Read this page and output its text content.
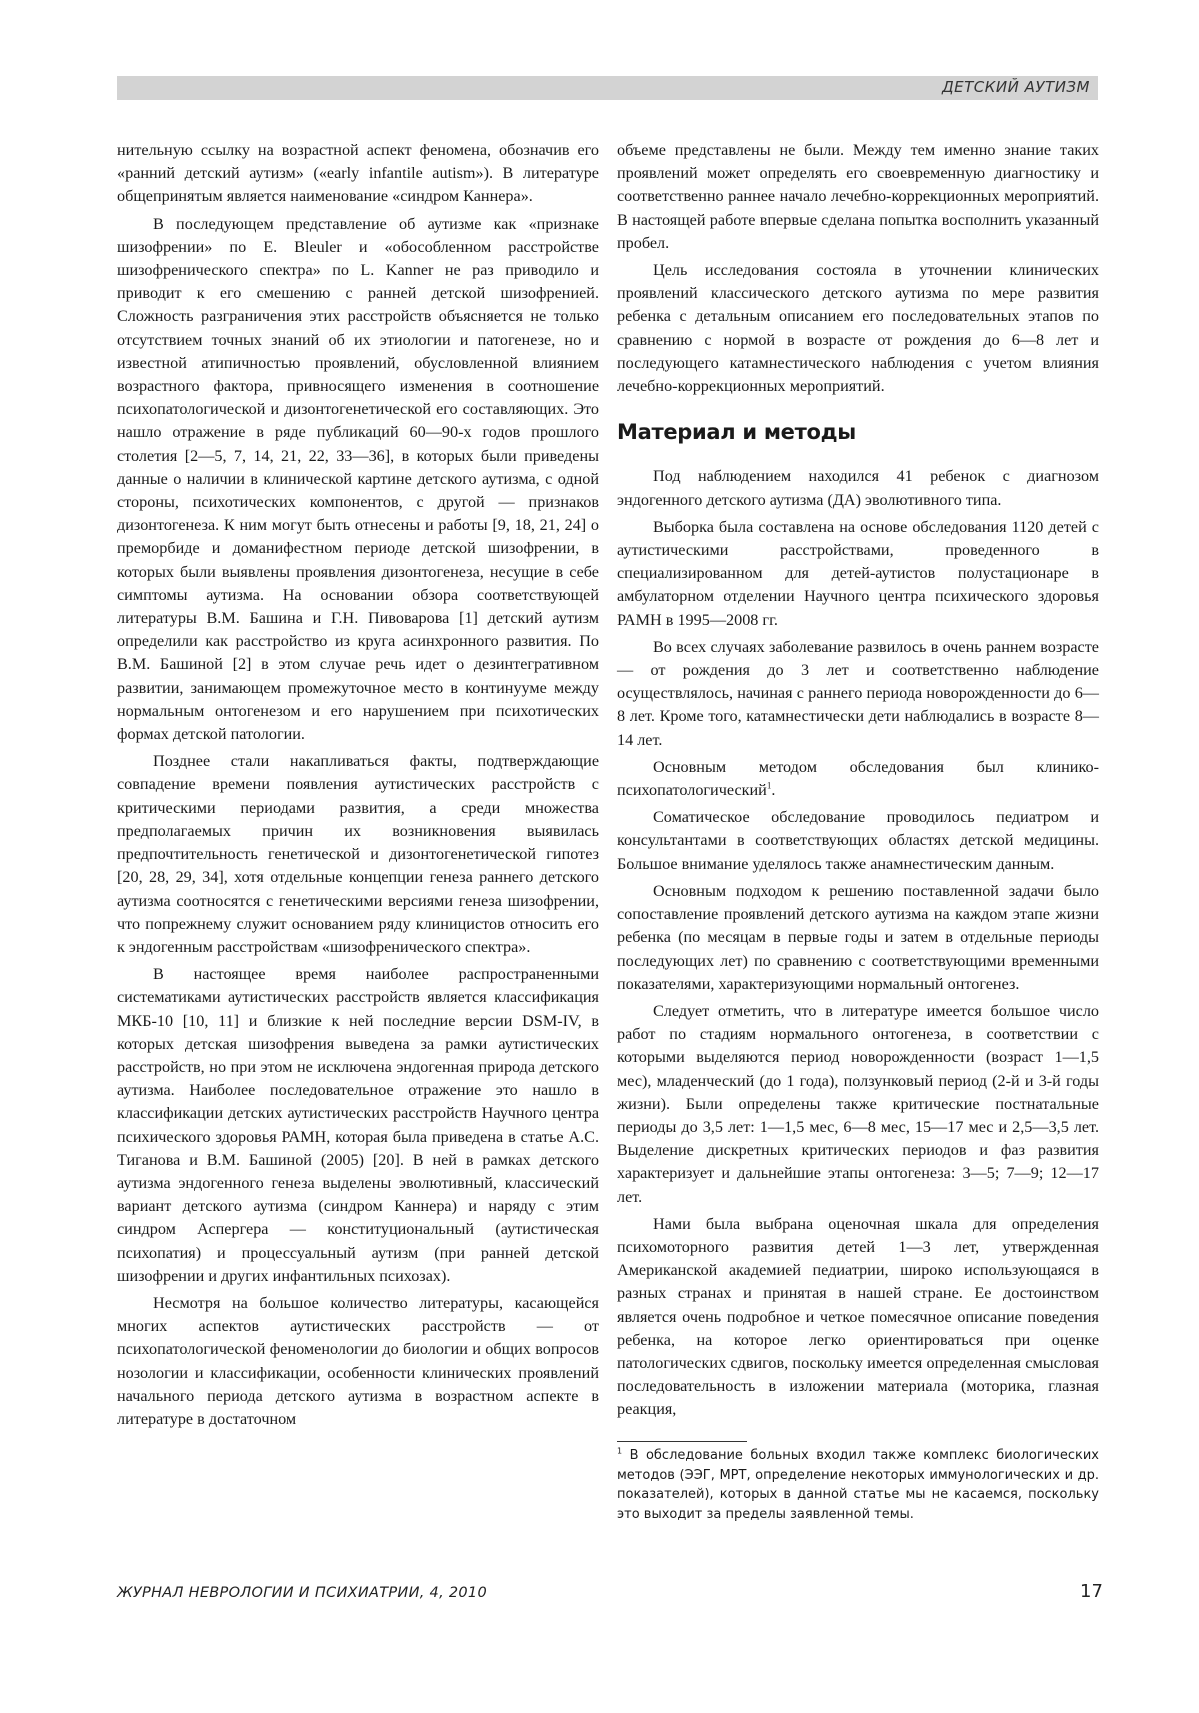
ДЕТСКИЙ АУТИЗМ

нительную ссылку на возрастной аспект феномена, обозначив его «ранний детский аутизм» («early infantile autism»). В литературе общепринятым является наименование «синдром Каннера».

В последующем представление об аутизме как «признаке шизофрении» по E. Bleuler и «обособленном расстройстве шизофренического спектра» по L. Kanner не раз приводило и приводит к его смешению с ранней детской шизофренией. Сложность разграничения этих расстройств объясняется не только отсутствием точных знаний об их этиологии и патогенезе, но и известной атипичностью проявлений, обусловленной влиянием возрастного фактора, привносящего изменения в соотношение психопатологической и дизонтогенетической его составляющих. Это нашло отражение в ряде публикаций 60—90-х годов прошлого столетия [2—5, 7, 14, 21, 22, 33—36], в которых были приведены данные о наличии в клинической картине детского аутизма, с одной стороны, психотических компонентов, с другой — признаков дизонтогенеза. К ним могут быть отнесены и работы [9, 18, 21, 24] о преморбиде и доманифестном периоде детской шизофрении, в которых были выявлены проявления дизонтогенеза, несущие в себе симптомы аутизма. На основании обзора соответствующей литературы В.М. Башина и Г.Н. Пивоварова [1] детский аутизм определили как расстройство из круга асинхронного развития. По В.М. Башиной [2] в этом случае речь идет о дезинтегративном развитии, занимающем промежуточное место в континууме между нормальным онтогенезом и его нарушением при психотических формах детской патологии.

Позднее стали накапливаться факты, подтверждающие совпадение времени появления аутистических расстройств с критическими периодами развития, а среди множества предполагаемых причин их возникновения выявилась предпочтительность генетической и дизонтогенетической гипотез [20, 28, 29, 34], хотя отдельные концепции генеза раннего детского аутизма соотносятся с генетическими версиями генеза шизофрении, что попрежнему служит основанием ряду клиницистов относить его к эндогенным расстройствам «шизофренического спектра».

В настоящее время наиболее распространенными систематиками аутистических расстройств является классификация МКБ-10 [10, 11] и близкие к ней последние версии DSM-IV, в которых детская шизофрения выведена за рамки аутистических расстройств, но при этом не исключена эндогенная природа детского аутизма. Наиболее последовательное отражение это нашло в классификации детских аутистических расстройств Научного центра психического здоровья РАМН, которая была приведена в статье А.С. Тиганова и В.М. Башиной (2005) [20]. В ней в рамках детского аутизма эндогенного генеза выделены эволютивный, классический вариант детского аутизма (синдром Каннера) и наряду с этим синдром Аспергера — конституциональный (аутистическая психопатия) и процессуальный аутизм (при ранней детской шизофрении и других инфантильных психозах).

Несмотря на большое количество литературы, касающейся многих аспектов аутистических расстройств — от психопатологической феноменологии до биологии и общих вопросов нозологии и классификации, особенности клинических проявлений начального периода детского аутизма в возрастном аспекте в литературе в достаточном

объеме представлены не были. Между тем именно знание таких проявлений может определять его своевременную диагностику и соответственно раннее начало лечебно-коррекционных мероприятий. В настоящей работе впервые сделана попытка восполнить указанный пробел.

Цель исследования состояла в уточнении клинических проявлений классического детского аутизма по мере развития ребенка с детальным описанием его последовательных этапов по сравнению с нормой в возрасте от рождения до 6—8 лет и последующего катамнестического наблюдения с учетом влияния лечебно-коррекционных мероприятий.

Материал и методы

Под наблюдением находился 41 ребенок с диагнозом эндогенного детского аутизма (ДА) эволютивного типа.

Выборка была составлена на основе обследования 1120 детей с аутистическими расстройствами, проведенного в специализированном для детей-аутистов полустационаре в амбулаторном отделении Научного центра психического здоровья РАМН в 1995—2008 гг.

Во всех случаях заболевание развилось в очень раннем возрасте — от рождения до 3 лет и соответственно наблюдение осуществлялось, начиная с раннего периода новорожденности до 6—8 лет. Кроме того, катамнестически дети наблюдались в возрасте 8—14 лет.

Основным методом обследования был клинико-психопатологический$^1$.

Соматическое обследование проводилось педиатром и консультантами в соответствующих областях детской медицины. Большое внимание уделялось также анамнестическим данным.

Основным подходом к решению поставленной задачи было сопоставление проявлений детского аутизма на каждом этапе жизни ребенка (по месяцам в первые годы и затем в отдельные периоды последующих лет) по сравнению с соответствующими временными показателями, характеризующими нормальный онтогенез.

Следует отметить, что в литературе имеется большое число работ по стадиям нормального онтогенеза, в соответствии с которыми выделяются период новорожденности (возраст 1—1,5 мес), младенческий (до 1 года), ползунковый период (2-й и 3-й годы жизни). Были определены также критические постнатальные периоды до 3,5 лет: 1—1,5 мес, 6—8 мес, 15—17 мес и 2,5—3,5 лет. Выделение дискретных критических периодов и фаз развития характеризует и дальнейшие этапы онтогенеза: 3—5; 7—9; 12—17 лет.

Нами была выбрана оценочная шкала для определения психомоторного развития детей 1—3 лет, утвержденная Американской академией педиатрии, широко использующаяся в разных странах и принятая в нашей стране. Ее достоинством является очень подробное и четкое помесячное описание поведения ребенка, на которое легко ориентироваться при оценке патологических сдвигов, поскольку имеется определенная смысловая последовательность в изложении материала (моторика, глазная реакция,

$^1$ В обследование больных входил также комплекс биологических методов (ЭЭГ, МРТ, определение некоторых иммунологических и др. показателей), которых в данной статье мы не касаемся, поскольку это выходит за пределы заявленной темы.
ЖУРНАЛ НЕВРОЛОГИИ И ПСИХИАТРИИ, 4, 2010	17
